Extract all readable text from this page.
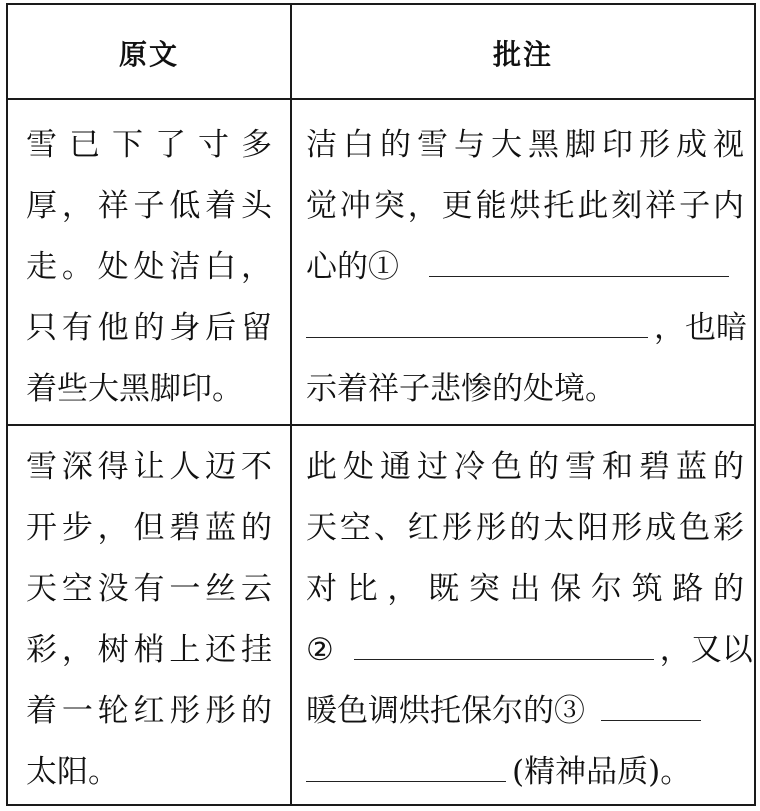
原文	批注
雪已下了寸多
厚，祥子低着头
走。处处洁白，
只有他的身后留
着些大黑脚印。
洁白的雪与大黑脚印形成视
觉冲突，更能烘托此刻祥子内
心的①
，也暗
示着祥子悲惨的处境。
雪深得让人迈不
开步，但碧蓝的
天空没有一丝云
彩，树梢上还挂
着一轮红彤彤的
太阳。
此处通过冷色的雪和碧蓝的
天空、红彤彤的太阳形成色彩
对比，既突出保尔筑路的
②	，又以
暖色调烘托保尔的③
(精神品质)。
